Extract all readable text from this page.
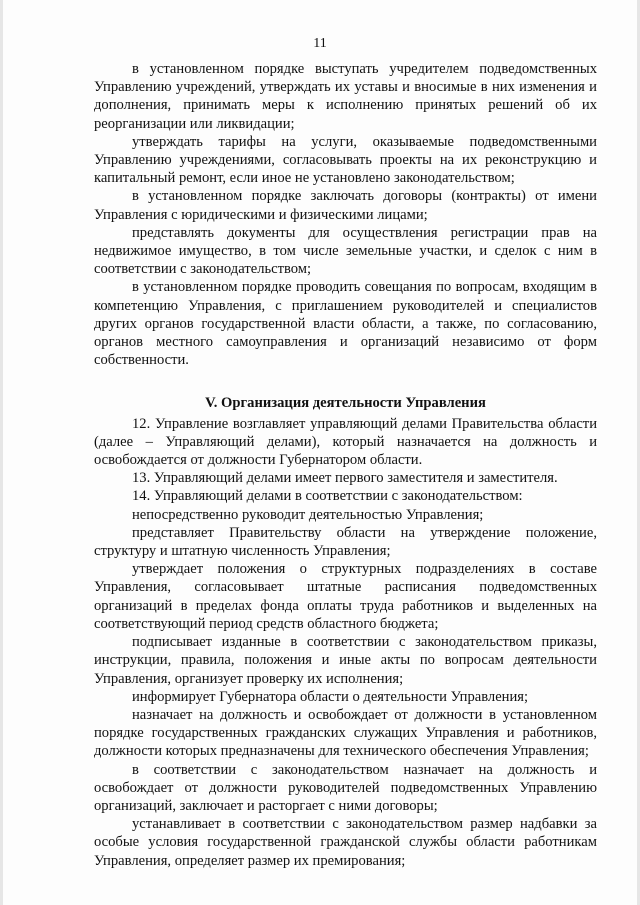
11

в установленном порядке выступать учредителем подведомственных Управлению учреждений, утверждать их уставы и вносимые в них изменения и дополнения, принимать меры к исполнению принятых решений об их реорганизации или ликвидации;

утверждать тарифы на услуги, оказываемые подведомственными Управлению учреждениями, согласовывать проекты на их реконструкцию и капитальный ремонт, если иное не установлено законодательством;

в установленном порядке заключать договоры (контракты) от имени Управления с юридическими и физическими лицами;

представлять документы для осуществления регистрации прав на недвижимое имущество, в том числе земельные участки, и сделок с ним в соответствии с законодательством;

в установленном порядке проводить совещания по вопросам, входящим в компетенцию Управления, с приглашением руководителей и специалистов других органов государственной власти области, а также, по согласованию, органов местного самоуправления и организаций независимо от форм собственности.

V. Организация деятельности Управления

12. Управление возглавляет управляющий делами Правительства области (далее – Управляющий делами), который назначается на должность и освобождается от должности Губернатором области.

13. Управляющий делами имеет первого заместителя и заместителя.

14. Управляющий делами в соответствии с законодательством:

непосредственно руководит деятельностью Управления;

представляет Правительству области на утверждение положение, структуру и штатную численность Управления;

утверждает положения о структурных подразделениях в составе Управления, согласовывает штатные расписания подведомственных организаций в пределах фонда оплаты труда работников и выделенных на соответствующий период средств областного бюджета;

подписывает изданные в соответствии с законодательством приказы, инструкции, правила, положения и иные акты по вопросам деятельности Управления, организует проверку их исполнения;

информирует Губернатора области о деятельности Управления;

назначает на должность и освобождает от должности в установленном порядке государственных гражданских служащих Управления и работников, должности которых предназначены для технического обеспечения Управления;

в соответствии с законодательством назначает на должность и освобождает от должности руководителей подведомственных Управлению организаций, заключает и расторгает с ними договоры;

устанавливает в соответствии с законодательством размер надбавки за особые условия государственной гражданской службы области работникам Управления, определяет размер их премирования;
